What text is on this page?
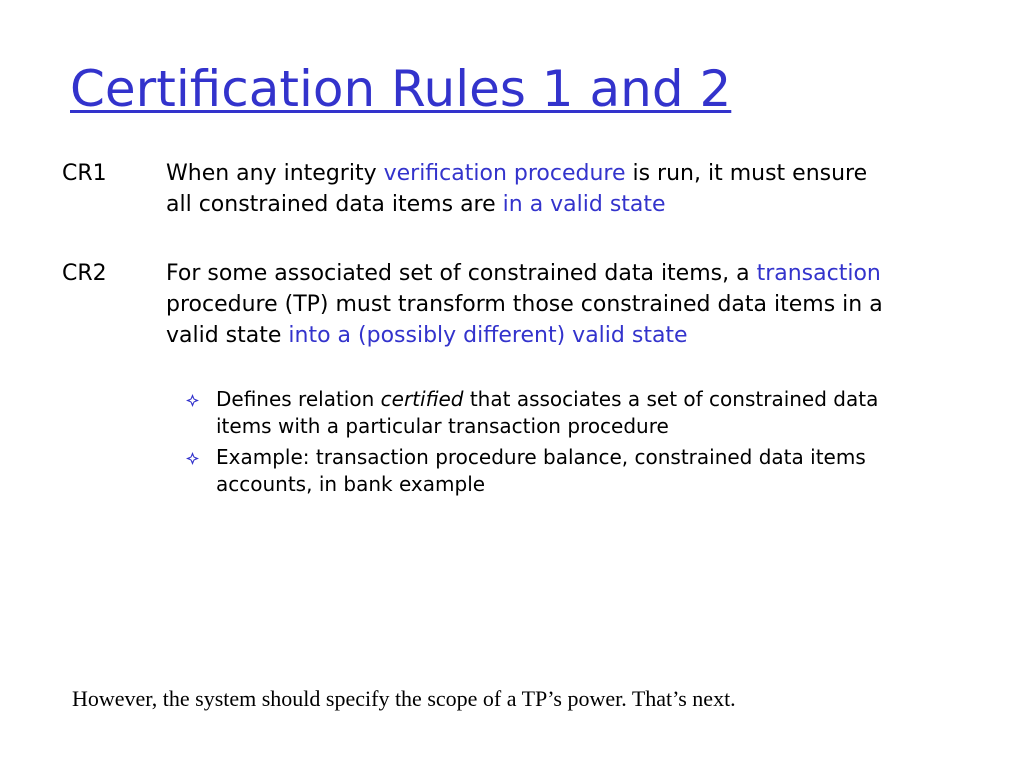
Certification Rules 1 and 2
CR1	When any integrity verification procedure is run, it must ensure all constrained data items are in a valid state
CR2	For some associated set of constrained data items, a transaction procedure (TP) must transform those constrained data items in a valid state into a (possibly different) valid state
Defines relation certified that associates a set of constrained data items with a particular transaction procedure
Example: transaction procedure balance, constrained data items accounts, in bank example
However, the system should specify the scope of a TP’s power. That’s next.
